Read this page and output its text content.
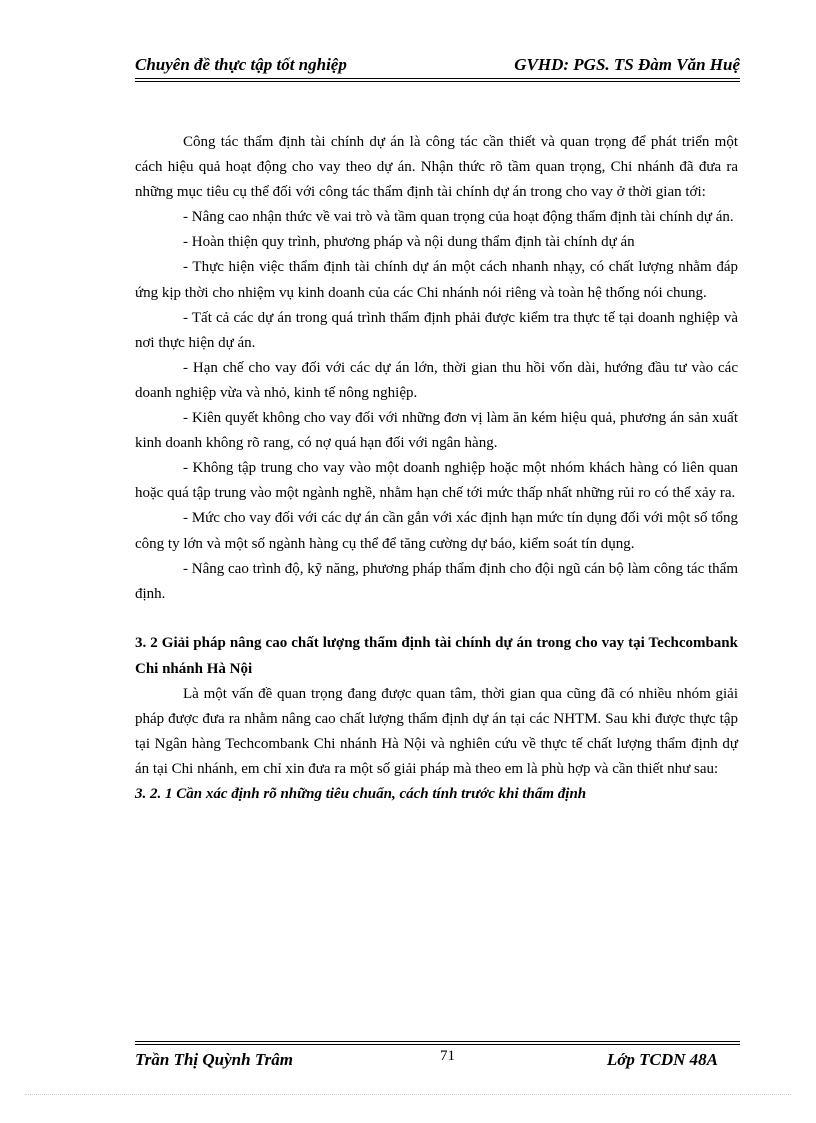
Chuyên đề thực tập tốt nghiệp	GVHD: PGS. TS Đàm Văn Huệ

Công tác thẩm định tài chính dự án là công tác cần thiết và quan trọng để phát triển một cách hiệu quả hoạt động cho vay theo dự án. Nhận thức rõ tầm quan trọng, Chi nhánh đã đưa ra những mục tiêu cụ thể đối với công tác thẩm định tài chính dự án trong cho vay ở thời gian tới:

- Nâng cao nhận thức về vai trò và tầm quan trọng của hoạt động thẩm định tài chính dự án.

- Hoàn thiện quy trình, phương pháp và nội dung thẩm định tài chính dự án

- Thực hiện việc thẩm định tài chính dự án một cách nhanh nhạy, có chất lượng nhằm đáp ứng kịp thời cho nhiệm vụ kinh doanh của các Chi nhánh nói riêng và toàn hệ thống nói chung.

- Tất cả các dự án trong quá trình thẩm định phải được kiểm tra thực tế tại doanh nghiệp và nơi thực hiện dự án.

- Hạn chế cho vay đối với các dự án lớn, thời gian thu hồi vốn dài, hướng đầu tư vào các doanh nghiệp vừa và nhỏ, kinh tế nông nghiệp.

- Kiên quyết không cho vay đối với những đơn vị làm ăn kém hiệu quả, phương án sản xuất kinh doanh không rõ rang, có nợ quá hạn đối với ngân hàng.

- Không tập trung cho vay vào một doanh nghiệp hoặc một nhóm khách hàng có liên quan hoặc quá tập trung vào một ngành nghề, nhằm hạn chế tới mức thấp nhất những rủi ro có thể xảy ra.

- Mức cho vay đối với các dự án cần gắn với xác định hạn mức tín dụng đối với một số tổng công ty lớn và một số ngành hàng cụ thể để tăng cường dự báo, kiểm soát tín dụng.

- Nâng cao trình độ, kỹ năng, phương pháp thẩm định cho đội ngũ cán bộ làm công tác thẩm định.

3. 2 Giải pháp nâng cao chất lượng thẩm định tài chính dự án trong cho vay tại Techcombank Chi nhánh Hà Nội

Là một vấn đề quan trọng đang được quan tâm, thời gian qua cũng đã có nhiều nhóm giải pháp được đưa ra nhằm nâng cao chất lượng thẩm định dự án tại các NHTM. Sau khi được thực tập tại Ngân hàng Techcombank Chi nhánh Hà Nội và nghiên cứu về thực tế chất lượng thẩm định dự án tại Chi nhánh, em chỉ xin đưa ra một số giải pháp mà theo em là phù hợp và cần thiết như sau:

3. 2. 1 Cần xác định rõ những tiêu chuẩn, cách tính trước khi thẩm định

Trần Thị Quỳnh Trâm	71	Lớp TCDN 48A
